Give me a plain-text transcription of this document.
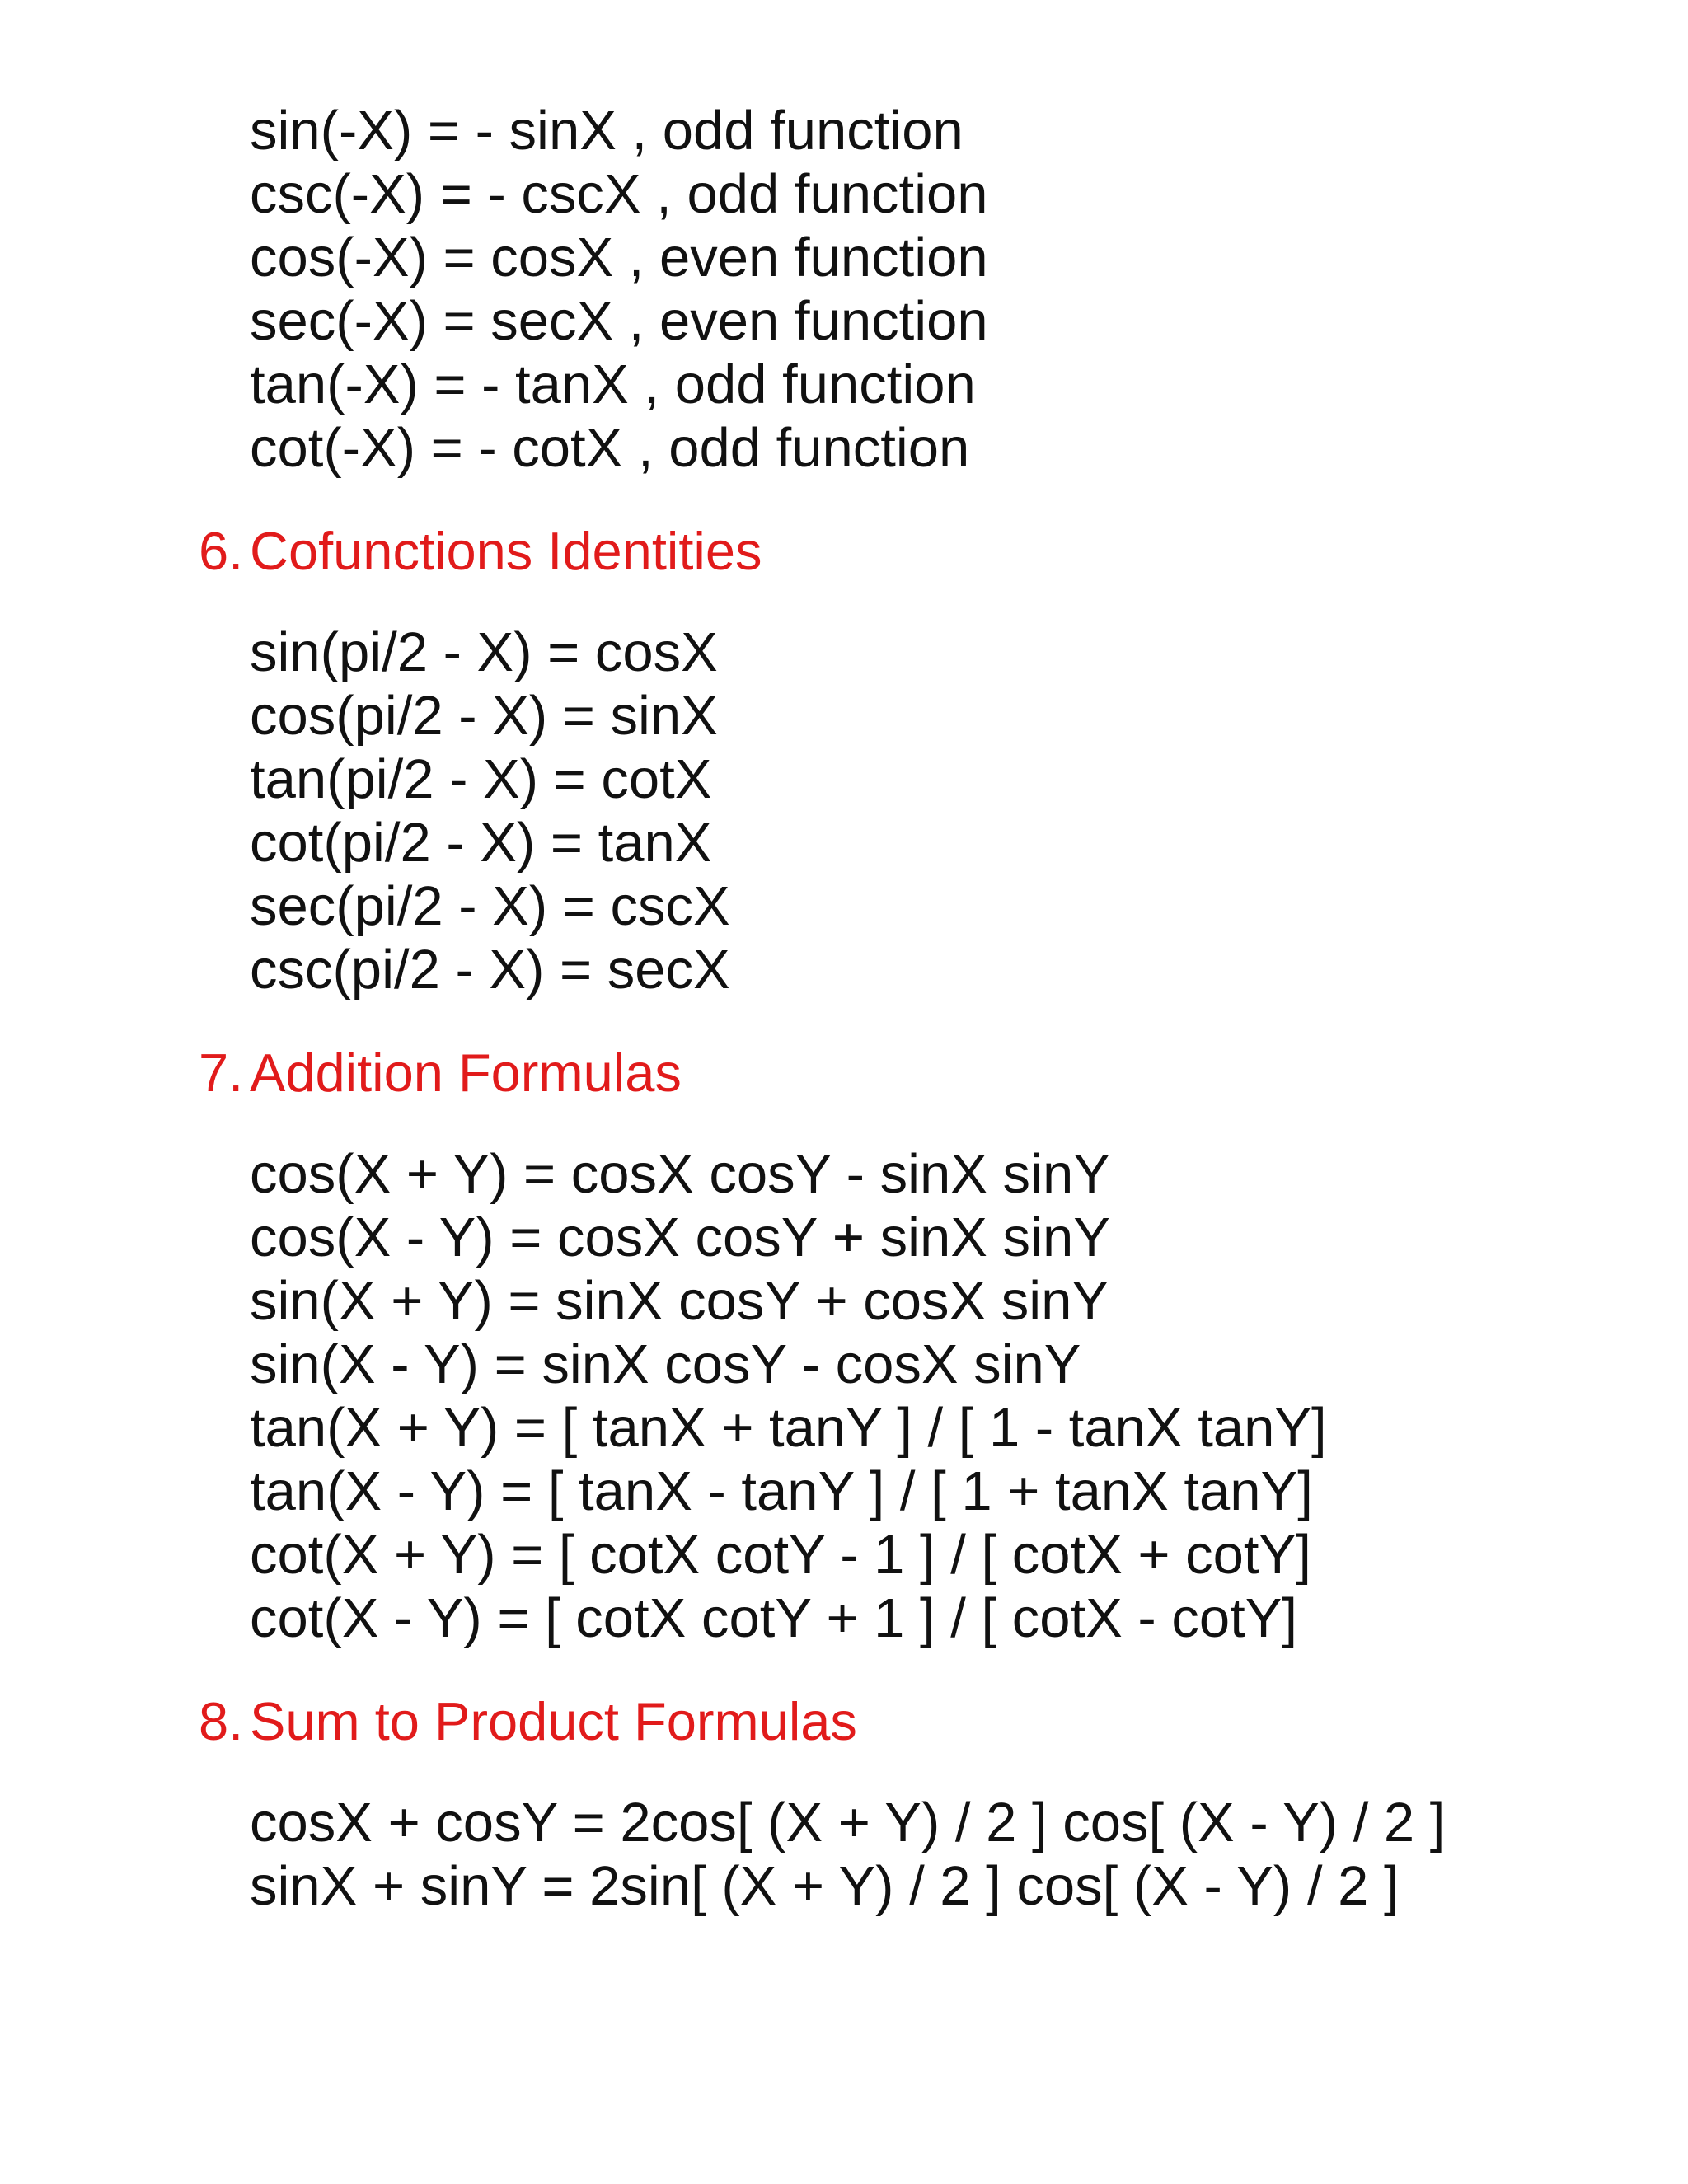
sin(-X) = - sinX , odd function
csc(-X) = - cscX , odd function
cos(-X) = cosX , even function
sec(-X) = secX , even function
tan(-X) = - tanX , odd function
cot(-X) = - cotX , odd function
6. Cofunctions Identities
sin(pi/2 - X) = cosX
cos(pi/2 - X) = sinX
tan(pi/2 - X) = cotX
cot(pi/2 - X) = tanX
sec(pi/2 - X) = cscX
csc(pi/2 - X) = secX
7. Addition Formulas
cos(X + Y) = cosX cosY - sinX sinY
cos(X - Y) = cosX cosY + sinX sinY
sin(X + Y) = sinX cosY + cosX sinY
sin(X - Y) = sinX cosY - cosX sinY
tan(X + Y) = [ tanX + tanY ] / [ 1 - tanX tanY]
tan(X - Y) = [ tanX - tanY ] / [ 1 + tanX tanY]
cot(X + Y) = [ cotX cotY - 1 ] / [ cotX + cotY]
cot(X - Y) = [ cotX cotY + 1 ] / [ cotX - cotY]
8. Sum to Product Formulas
cosX + cosY = 2cos[ (X + Y) / 2 ] cos[ (X - Y) / 2 ]
sinX + sinY = 2sin[ (X + Y) / 2 ] cos[ (X - Y) / 2 ]
